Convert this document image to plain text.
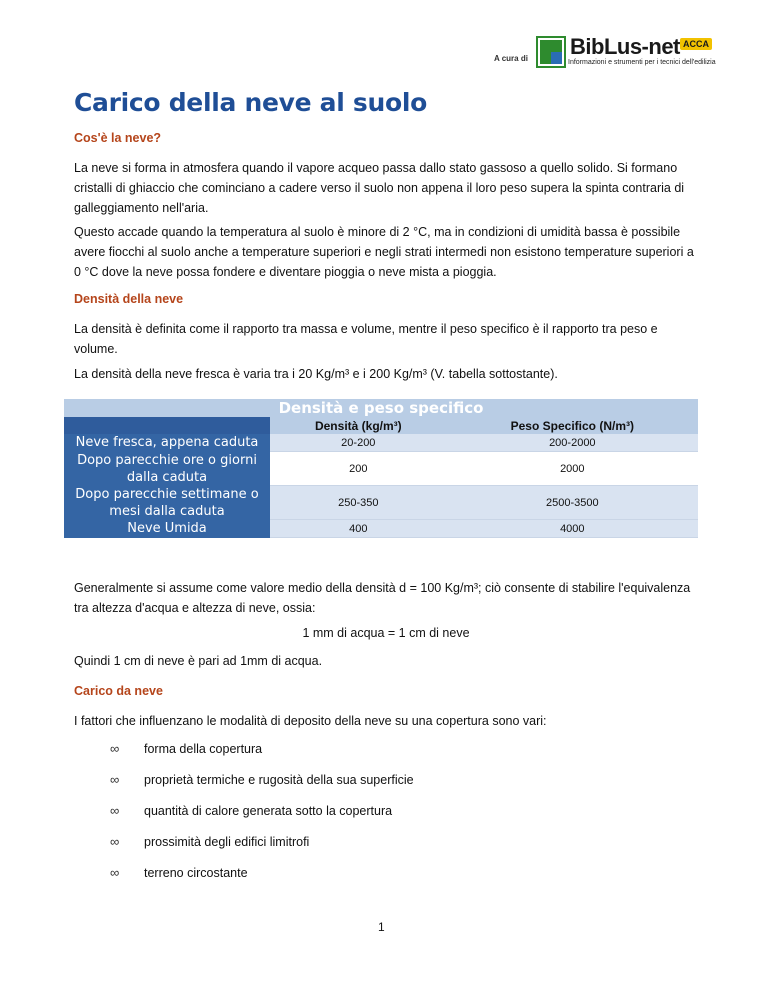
A cura di BibLus-net ACCA
Informazioni e strumenti per i tecnici dell'edilizia
Carico della neve al suolo
Cos'è la neve?

La neve si forma in atmosfera quando il vapore acqueo passa dallo stato gassoso a quello solido. Si formano cristalli di ghiaccio che cominciano a cadere verso il suolo non appena il loro peso supera la spinta contraria di galleggiamento nell'aria.

Questo accade quando la temperatura al suolo è minore di 2 °C, ma in condizioni di umidità bassa è possibile avere fiocchi al suolo anche a temperature superiori e negli strati intermedi non esistono temperature superiori a 0 °C dove la neve possa fondere e diventare pioggia o neve mista a pioggia.

Densità della neve

La densità è definita come il rapporto tra massa e volume, mentre il peso specifico è il rapporto tra peso e volume.

La densità della neve fresca è varia tra i 20 Kg/m³ e i 200 Kg/m³ (V. tabella sottostante).

Densità e peso specifico		
	Densità (kg/m³)	Peso Specifico (N/m³)
Neve fresca, appena caduta	20-200	200-2000
Dopo parecchie ore o giorni dalla caduta	200	2000
Dopo parecchie settimane o mesi dalla caduta	250-350	2500-3500
Neve Umida	400	4000

Generalmente si assume come valore medio della densità d = 100 Kg/m³; ciò consente di stabilire l'equivalenza tra altezza d'acqua e altezza di neve, ossia:

1 mm di acqua = 1 cm di neve

Quindi 1 cm di neve è pari ad 1mm di acqua.

Carico da neve

I fattori che influenzano le modalità di deposito della neve su una copertura sono vari:

∞ forma della copertura
∞ proprietà termiche e rugosità della sua superficie
∞ quantità di calore generata sotto la copertura
∞ prossimità degli edifici limitrofi
∞ terreno circostante
1
